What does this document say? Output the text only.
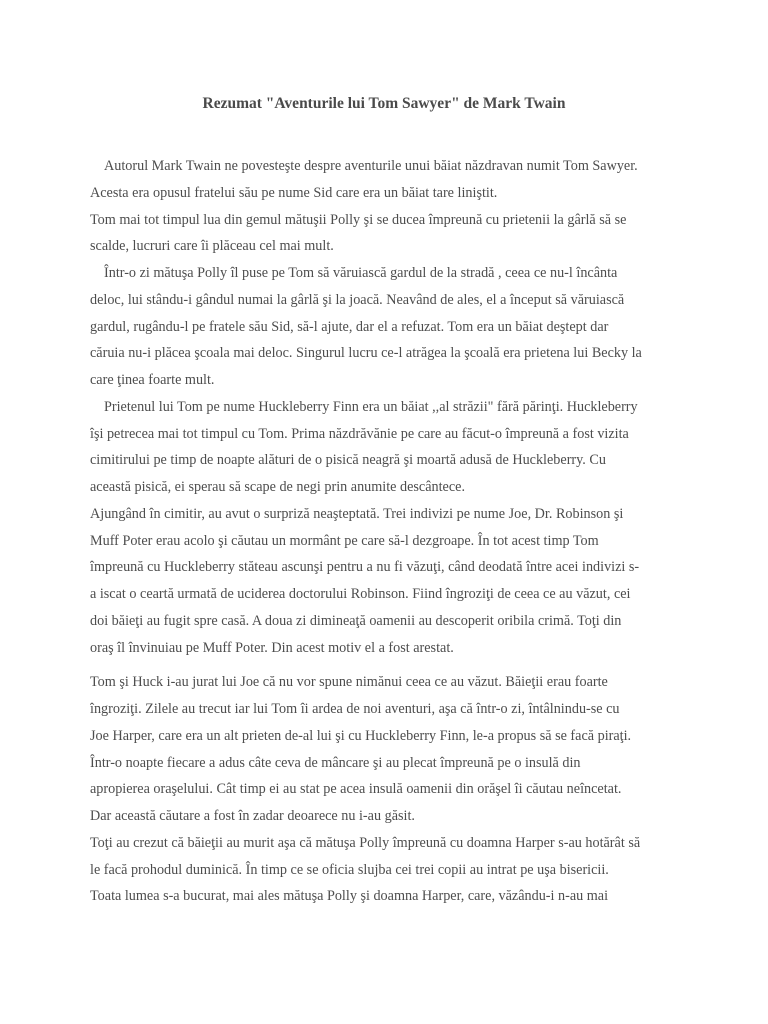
Rezumat "Aventurile lui Tom Sawyer" de Mark Twain

Autorul Mark Twain ne povesteşte despre aventurile unui băiat năzdravan numit Tom Sawyer.
Acesta era opusul fratelui său pe nume Sid care era un băiat tare liniştit.

Tom mai tot timpul lua din gemul mătuşii Polly şi se ducea împreună cu prietenii la gârlă să se
scalde, lucruri care îi plăceau cel mai mult.

Într-o zi mătuşa Polly îl puse pe Tom să văruiască gardul de la stradă , ceea ce nu-l încânta
deloc, lui stându-i gândul numai la gârlă şi la joacă. Neavând de ales, el a început să văruiască
gardul, rugându-l pe fratele său Sid, să-l ajute, dar el a refuzat. Tom era un băiat deştept dar
căruia nu-i plăcea şcoala mai deloc. Singurul lucru ce-l atrăgea la şcoală era prietena lui Becky la
care ţinea foarte mult.

Prietenul lui Tom pe nume Huckleberry Finn era un băiat ,,al străzii" fără părinţi. Huckleberry
îşi petrecea mai tot timpul cu Tom. Prima năzdrăvănie pe care au făcut-o împreună a fost vizita
cimitirului pe timp de noapte alături de o pisică neagră şi moartă adusă de Huckleberry. Cu
această pisică, ei sperau să scape de negi prin anumite descântece.

Ajungând în cimitir, au avut o surpriză neaşteptată. Trei indivizi pe nume Joe, Dr. Robinson şi
Muff Poter erau acolo şi căutau un mormânt pe care să-l dezgroape. În tot acest timp Tom
împreună cu Huckleberry stăteau ascunşi pentru a nu fi văzuţi, când deodată între acei indivizi s-
a iscat o ceartă urmată de uciderea doctorului Robinson. Fiind îngroziţi de ceea ce au văzut, cei
doi băieţi au fugit spre casă. A doua zi dimineaţă oamenii au descoperit oribila crimă. Toţi din
oraş îl învinuiau pe Muff Poter. Din acest motiv el a fost arestat.

Tom şi Huck i-au jurat lui Joe că nu vor spune nimănui ceea ce au văzut. Băieţii erau foarte
îngroziţi. Zilele au trecut iar lui Tom îi ardea de noi aventuri, aşa că într-o zi, întâlnindu-se cu
Joe Harper, care era un alt prieten de-al lui şi cu Huckleberry Finn, le-a propus să se facă piraţi.
Într-o noapte fiecare a adus câte ceva de mâncare şi au plecat împreună pe o insulă din
apropierea oraşelului. Cât timp ei au stat pe acea insulă oamenii din orăşel îi căutau neîncetat.
Dar această căutare a fost în zadar deoarece nu i-au găsit.

Toţi au crezut că băieţii au murit aşa că mătuşa Polly împreună cu doamna Harper s-au hotărât să
le facă prohodul duminică. În timp ce se oficia slujba cei trei copii au intrat pe uşa bisericii.
Toata lumea s-a bucurat, mai ales mătuşa Polly şi doamna Harper, care, văzându-i n-au mai
